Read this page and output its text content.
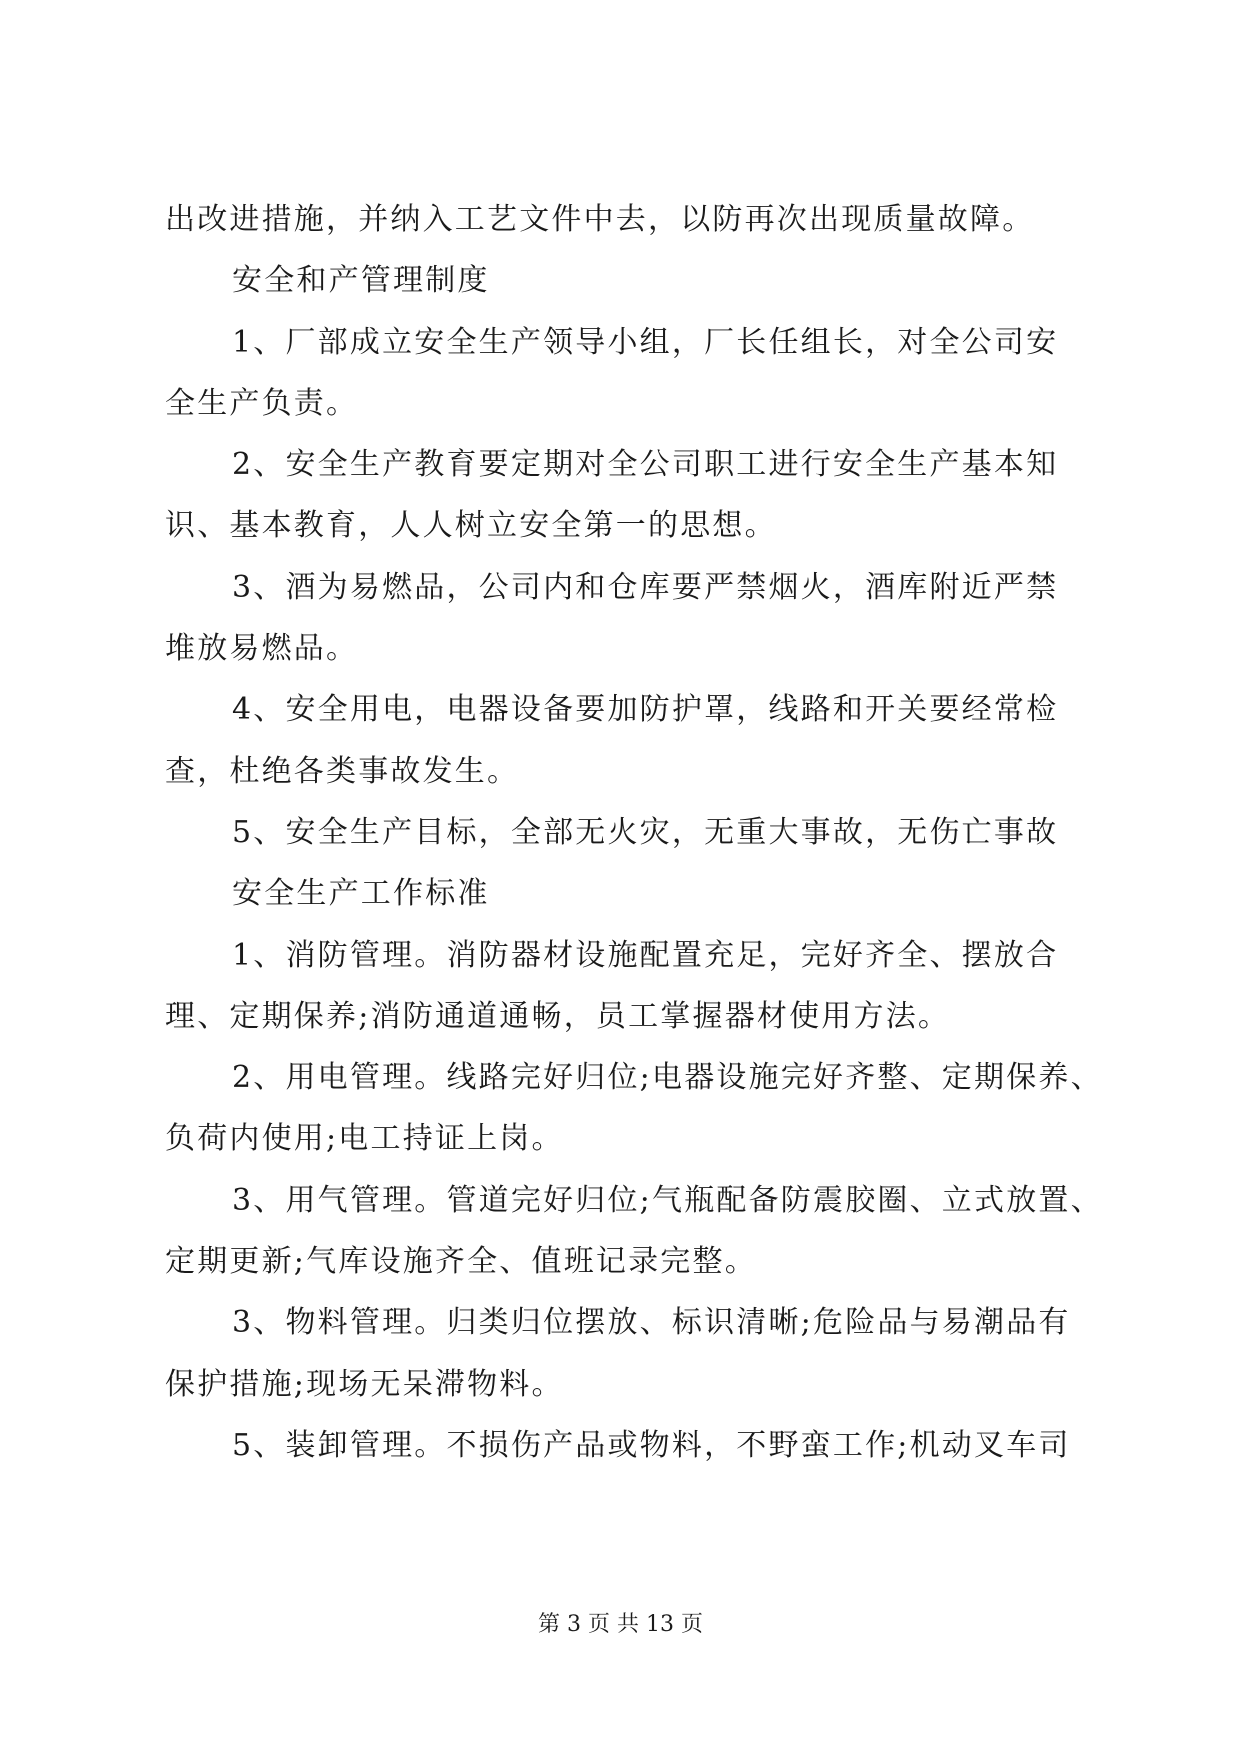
出改进措施，并纳入工艺文件中去，以防再次出现质量故障。

安全和产管理制度

1、厂部成立安全生产领导小组，厂长任组长，对全公司安

全生产负责。

2、安全生产教育要定期对全公司职工进行安全生产基本知

识、基本教育，人人树立安全第一的思想。

3、酒为易燃品，公司内和仓库要严禁烟火，酒库附近严禁

堆放易燃品。

4、安全用电，电器设备要加防护罩，线路和开关要经常检

查，杜绝各类事故发生。

5、安全生产目标，全部无火灾，无重大事故，无伤亡事故

安全生产工作标准

1、消防管理。消防器材设施配置充足，完好齐全、摆放合

理、定期保养;消防通道通畅，员工掌握器材使用方法。

2、用电管理。线路完好归位;电器设施完好齐整、定期保养、

负荷内使用;电工持证上岗。

3、用气管理。管道完好归位;气瓶配备防震胶圈、立式放置、

定期更新;气库设施齐全、值班记录完整。

3、物料管理。归类归位摆放、标识清晰;危险品与易潮品有

保护措施;现场无呆滞物料。

5、装卸管理。不损伤产品或物料，不野蛮工作;机动叉车司

第 3 页 共 13 页
